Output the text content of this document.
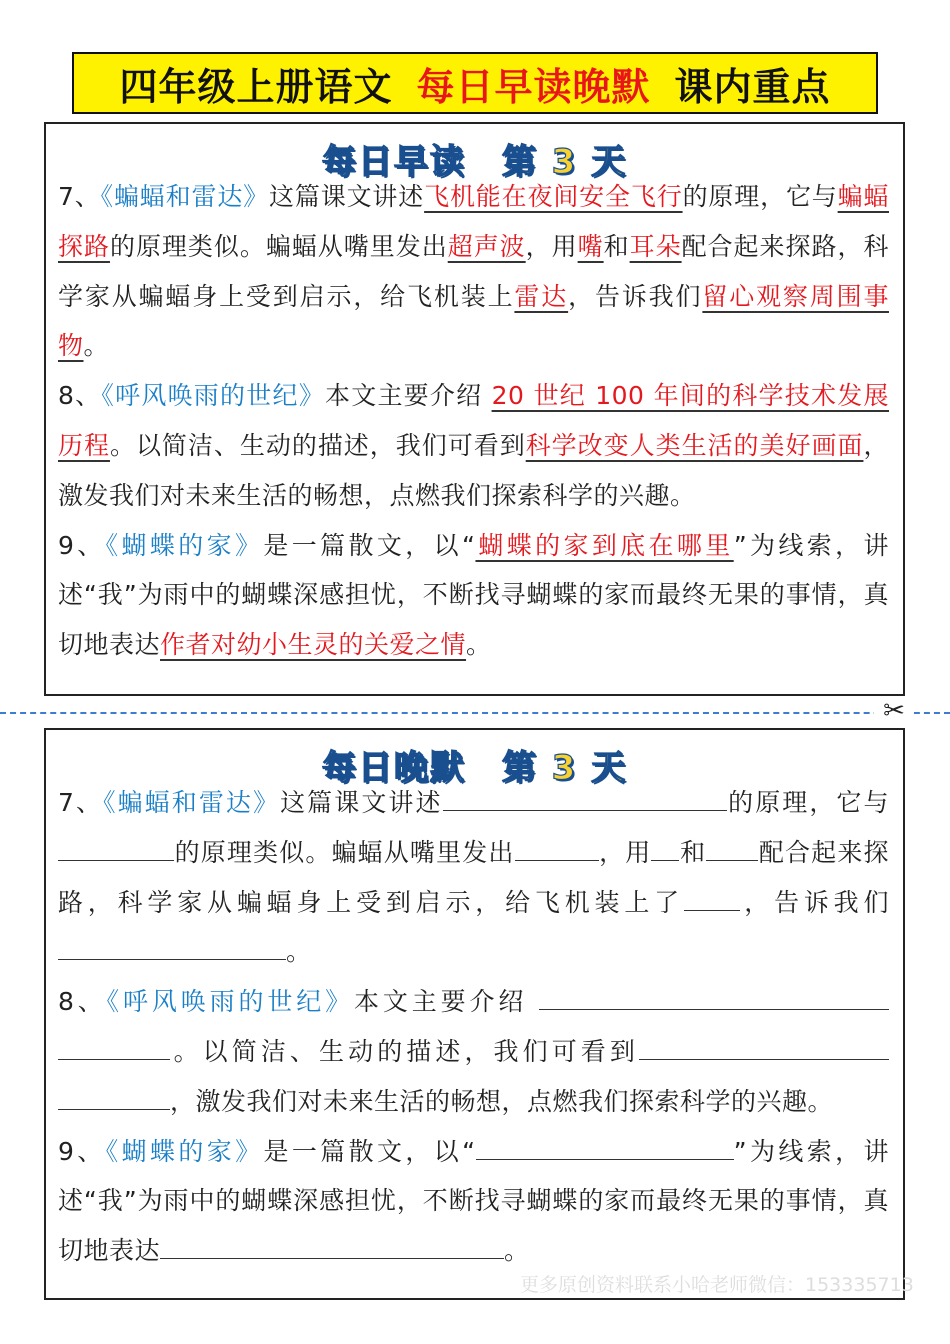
四年级上册语文 每日早读晚默 课内重点
每日早读 第 3 天

7、《蝙蝠和雷达》这篇课文讲述飞机能在夜间安全飞行的原理，它与蝙蝠探路的原理类似。蝙蝠从嘴里发出超声波，用嘴和耳朵配合起来探路，科学家从蝙蝠身上受到启示，给飞机装上雷达，告诉我们留心观察周围事物。

8、《呼风唤雨的世纪》本文主要介绍 20 世纪 100 年间的科学技术发展历程。以简洁、生动的描述，我们可看到科学改变人类生活的美好画面，激发我们对未来生活的畅想，点燃我们探索科学的兴趣。

9、《蝴蝶的家》是一篇散文，以“蝴蝶的家到底在哪里”为线索，讲述“我”为雨中的蝴蝶深感担忧，不断找寻蝴蝶的家而最终无果的事情，真切地表达作者对幼小生灵的关爱之情。

✂
每日晚默 第 3 天

7、《蝙蝠和雷达》这篇课文讲述	的原理，它与的原理类似。蝙蝠从嘴里发出	，用 和 配合起来探路，科学家从蝙蝠身上受到启示，给飞机装上了 ，告诉我们。

8、《呼风唤雨的世纪》本文主要介绍 。以简洁、生动的描述，我们可看到，激发我们对未来生活的畅想，点燃我们探索科学的兴趣。

9、《蝴蝶的家》是一篇散文，以“	”为线索，讲述“我”为雨中的蝴蝶深感担忧，不断找寻蝴蝶的家而最终无果的事情，真切地表达	。

更多原创资料联系小哈老师微信：153335713
